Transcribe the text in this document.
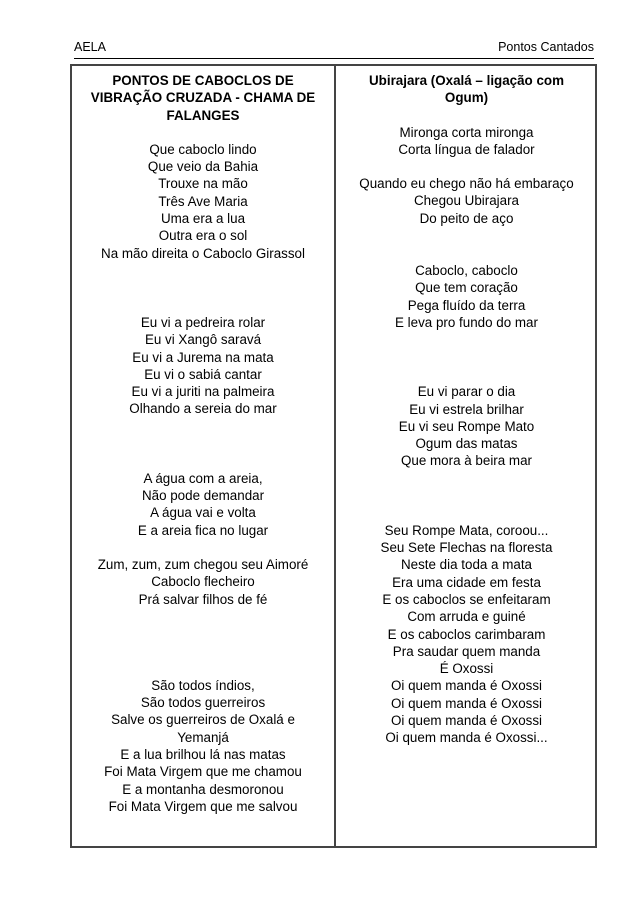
AELA	Pontos Cantados
PONTOS DE CABOCLOS DE
VIBRAÇÃO CRUZADA - CHAMA DE
FALANGES
Que caboclo lindo
Que veio da Bahia
Trouxe na mão
Três Ave Maria
Uma era a lua
Outra era o sol
Na mão direita o Caboclo Girassol
Eu vi a pedreira rolar
Eu vi Xangô saravá
Eu vi a Jurema na mata
Eu vi o sabiá cantar
Eu vi a juriti na palmeira
Olhando a sereia do mar
A água com a areia,
Não pode demandar
A água vai e volta
E a areia fica no lugar
Zum, zum, zum chegou seu Aimoré
Caboclo flecheiro
Prá salvar filhos de fé
São todos índios,
São todos guerreiros
Salve os guerreiros de Oxalá e
Yemanjá
E a lua brilhou lá nas matas
Foi Mata Virgem que me chamou
E a montanha desmoronou
Foi Mata Virgem que me salvou
Ubirajara (Oxalá – ligação com
Ogum)
Mironga corta mironga
Corta língua de falador
Quando eu chego não há embaraço
Chegou Ubirajara
Do peito de aço
Caboclo, caboclo
Que tem coração
Pega fluído da terra
E leva pro fundo do mar
Eu vi parar o dia
Eu vi estrela brilhar
Eu vi seu Rompe Mato
Ogum das matas
Que mora à beira mar
Seu Rompe Mata, coroou...
Seu Sete Flechas na floresta
Neste dia toda a mata
Era uma cidade em festa
E os caboclos se enfeitaram
Com arruda e guiné
E os caboclos carimbaram
Pra saudar quem manda
É Oxossi
Oi quem manda é Oxossi
Oi quem manda é Oxossi
Oi quem manda é Oxossi
Oi quem manda é Oxossi...
